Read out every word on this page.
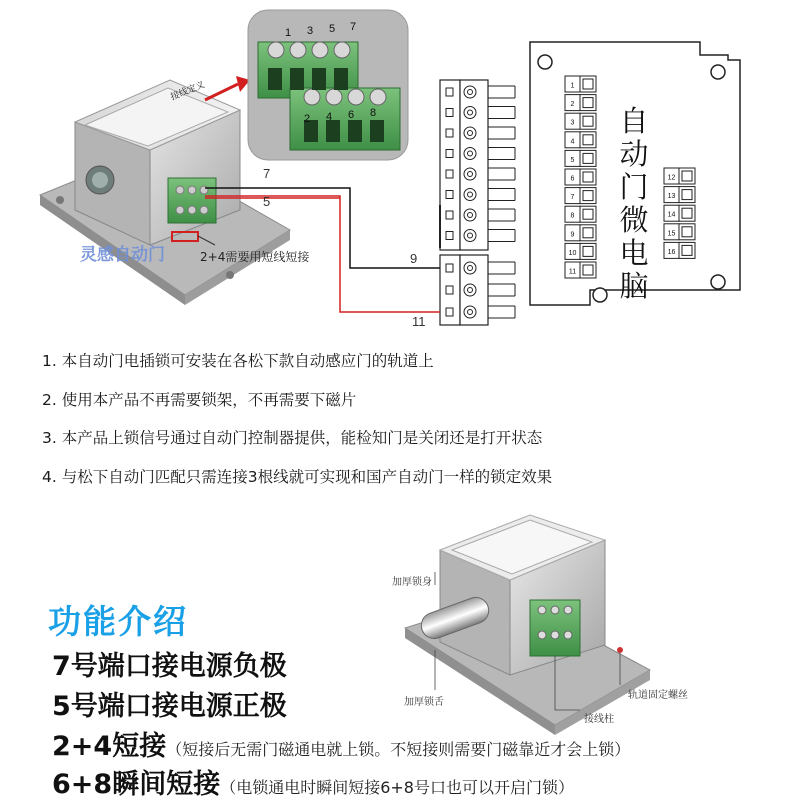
接线定义
1 3 5 7
2 4 6 8
1
2
3
4
5
6
7
8
9
10
11
12
13
14
15
16
7
5
9
11
灵感自动门	2+4需要用短线短接
自动门微电脑
1. 本自动门电插锁可安装在各松下款自动感应门的轨道上
2. 使用本产品不再需要锁架，不再需要下磁片
3. 本产品上锁信号通过自动门控制器提供，能检知门是关闭还是打开状态
4. 与松下自动门匹配只需连接3根线就可实现和国产自动门一样的锁定效果
加厚锁身
加厚锁舌
轨道固定螺丝
接线柱
功能介绍
7号端口接电源负极
5号端口接电源正极
2+4短接（短接后无需门磁通电就上锁。不短接则需要门磁靠近才会上锁）
6+8瞬间短接（电锁通电时瞬间短接6+8号口也可以开启门锁）
